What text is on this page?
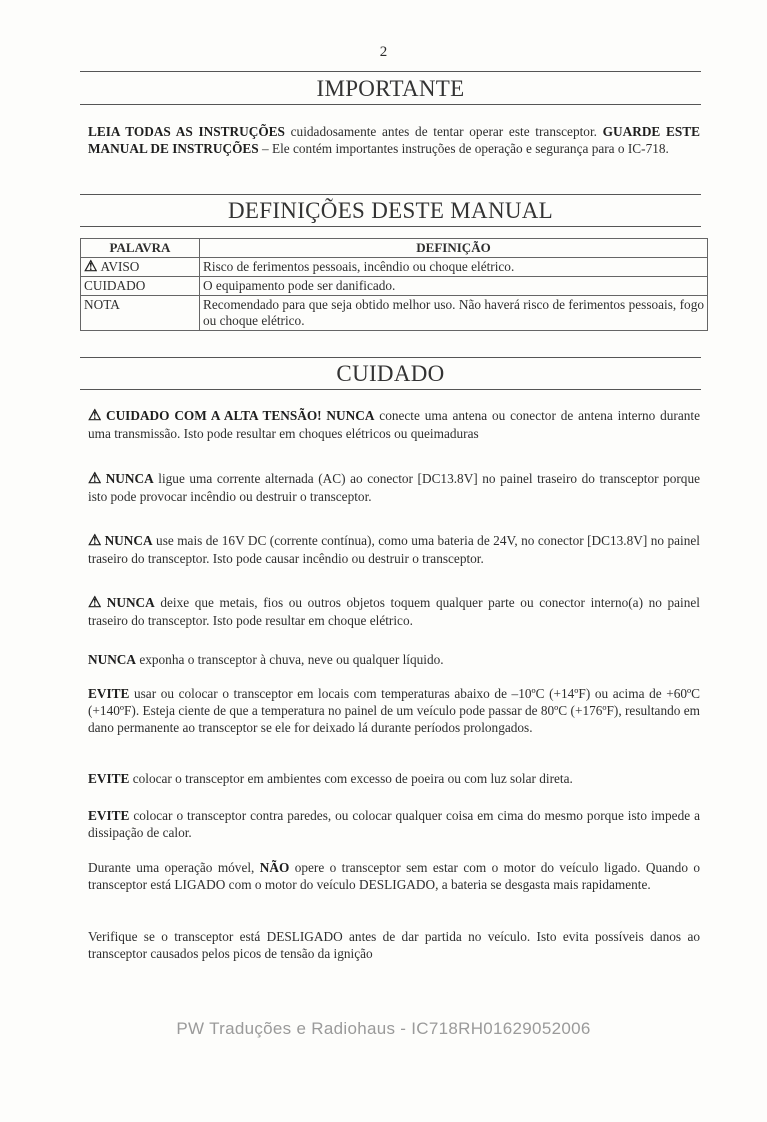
2
IMPORTANTE
LEIA TODAS AS INSTRUÇÕES cuidadosamente antes de tentar operar este transceptor. GUARDE ESTE MANUAL DE INSTRUÇÕES – Ele contém importantes instruções de operação e segurança para o IC-718.
DEFINIÇÕES DESTE MANUAL
PALAVRA	DEFINIÇÃO
⚠ AVISO	Risco de ferimentos pessoais, incêndio ou choque elétrico.
CUIDADO	O equipamento pode ser danificado.
NOTA	Recomendado para que seja obtido melhor uso. Não haverá risco de ferimentos pessoais, fogo ou choque elétrico.
CUIDADO
⚠ CUIDADO COM A ALTA TENSÃO! NUNCA conecte uma antena ou conector de antena interno durante uma transmissão. Isto pode resultar em choques elétricos ou queimaduras
⚠ NUNCA ligue uma corrente alternada (AC) ao conector [DC13.8V] no painel traseiro do transceptor porque isto pode provocar incêndio ou destruir o transceptor.
⚠ NUNCA use mais de 16V DC (corrente contínua), como uma bateria de 24V, no conector [DC13.8V] no painel traseiro do transceptor. Isto pode causar incêndio ou destruir o transceptor.
⚠ NUNCA deixe que metais, fios ou outros objetos toquem qualquer parte ou conector interno(a) no painel traseiro do transceptor. Isto pode resultar em choque elétrico.
NUNCA exponha o transceptor à chuva, neve ou qualquer líquido.
EVITE usar ou colocar o transceptor em locais com temperaturas abaixo de –10ºC (+14ºF) ou acima de +60ºC (+140ºF). Esteja ciente de que a temperatura no painel de um veículo pode passar de 80ºC (+176ºF), resultando em dano permanente ao transceptor se ele for deixado lá durante períodos prolongados.
EVITE colocar o transceptor em ambientes com excesso de poeira ou com luz solar direta.
EVITE colocar o transceptor contra paredes, ou colocar qualquer coisa em cima do mesmo porque isto impede a dissipação de calor.
Durante uma operação móvel, NÃO opere o transceptor sem estar com o motor do veículo ligado. Quando o transceptor está LIGADO com o motor do veículo DESLIGADO, a bateria se desgasta mais rapidamente.
Verifique se o transceptor está DESLIGADO antes de dar partida no veículo. Isto evita possíveis danos ao transceptor causados pelos picos de tensão da ignição
PW Traduções e Radiohaus - IC718RH01629052006
